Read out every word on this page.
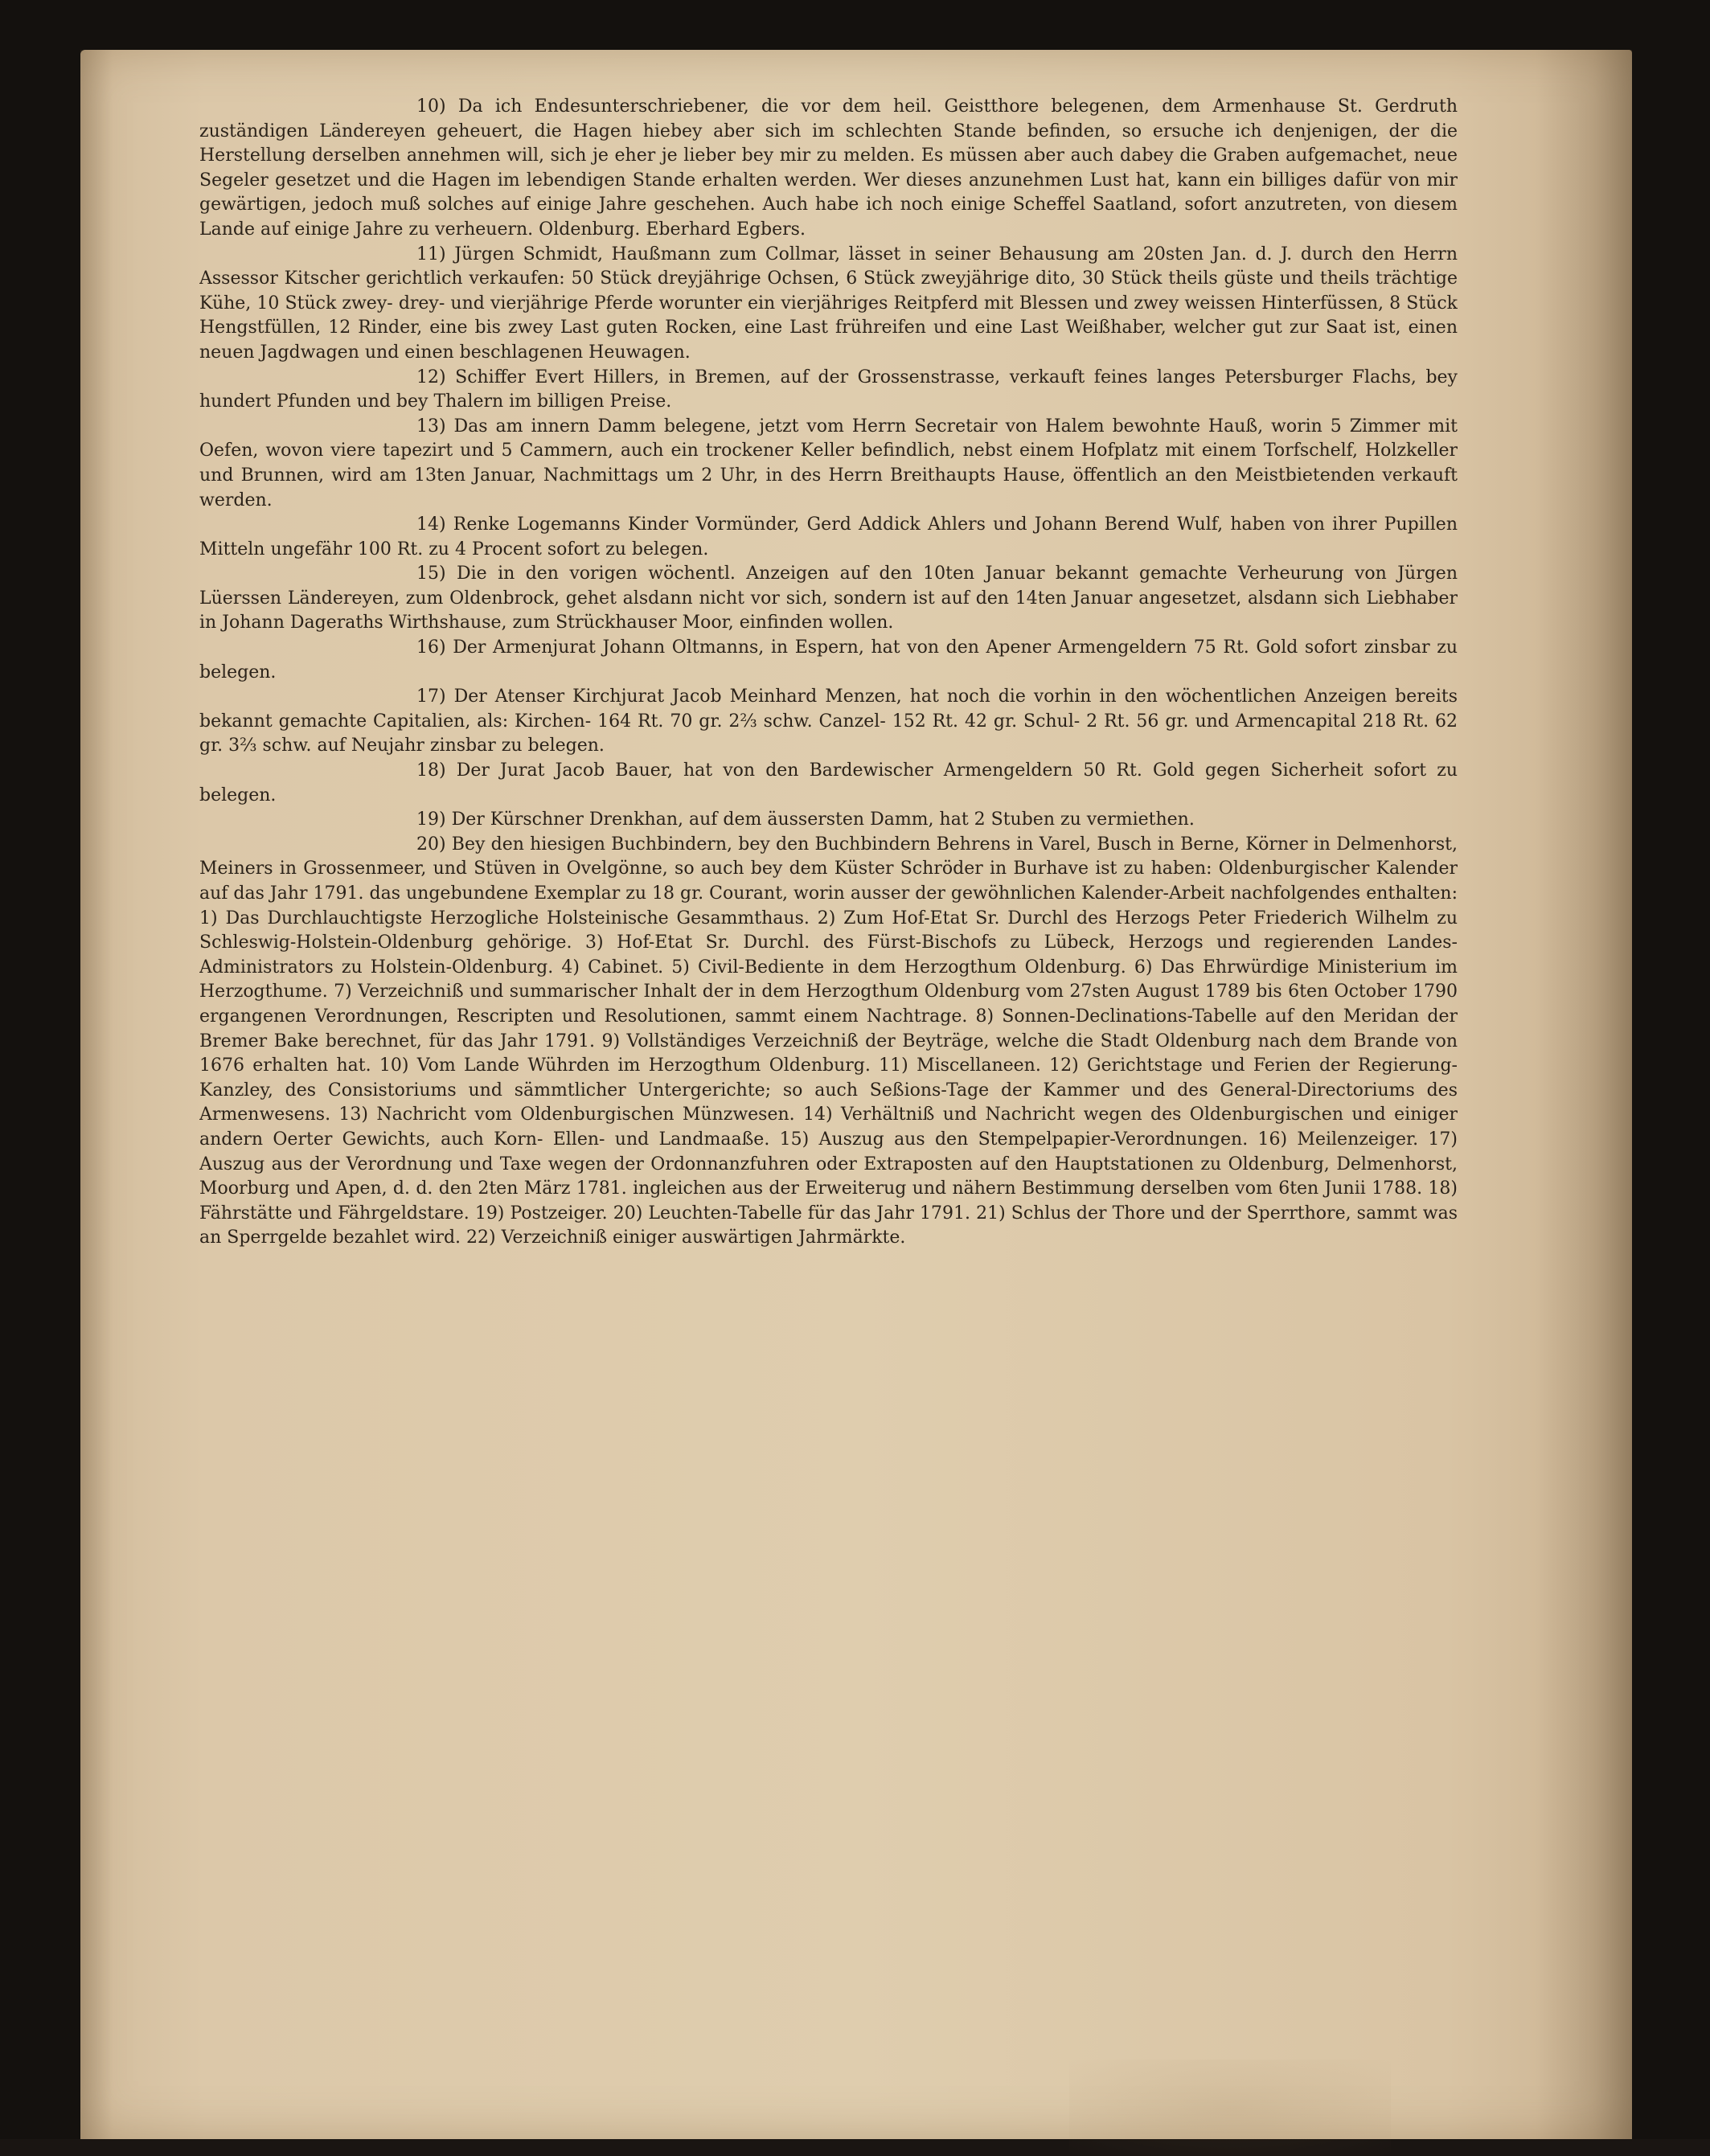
10) Da ich Endesunterschriebener, die vor dem heil. Geistthore belegenen, dem Armenhause St. Gerdruth zuständigen Ländereyen geheuert, die Hagen hiebey aber sich im schlechten Stande befinden, so ersuche ich denjenigen, der die Herstellung derselben annehmen will, sich je eher je lieber bey mir zu melden. Es müssen aber auch dabey die Graben aufgemachet, neue Segeler gesetzet und die Hagen im lebendigen Stande erhalten werden. Wer dieses anzunehmen Lust hat, kann ein billiges dafür von mir gewärtigen, jedoch muß solches auf einige Jahre geschehen. Auch habe ich noch einige Scheffel Saatland, sofort anzutreten, von diesem Lande auf einige Jahre zu verheuern. Oldenburg. Eberhard Egbers.

11) Jürgen Schmidt, Haußmann zum Collmar, lässet in seiner Behausung am 20sten Jan. d. J. durch den Herrn Assessor Kitscher gerichtlich verkaufen: 50 Stück dreyjährige Ochsen, 6 Stück zweyjährige dito, 30 Stück theils güste und theils trächtige Kühe, 10 Stück zwey- drey- und vierjährige Pferde worunter ein vierjähriges Reitpferd mit Blessen und zwey weissen Hinterfüssen, 8 Stück Hengstfüllen, 12 Rinder, eine bis zwey Last guten Rocken, eine Last frühreifen und eine Last Weißhaber, welcher gut zur Saat ist, einen neuen Jagdwagen und einen beschlagenen Heuwagen.

12) Schiffer Evert Hillers, in Bremen, auf der Grossenstrasse, verkauft feines langes Petersburger Flachs, bey hundert Pfunden und bey Thalern im billigen Preise.

13) Das am innern Damm belegene, jetzt vom Herrn Secretair von Halem bewohnte Hauß, worin 5 Zimmer mit Oefen, wovon viere tapezirt und 5 Cammern, auch ein trockener Keller befindlich, nebst einem Hofplatz mit einem Torfschelf, Holzkeller und Brunnen, wird am 13ten Januar, Nachmittags um 2 Uhr, in des Herrn Breithaupts Hause, öffentlich an den Meistbietenden verkauft werden.

14) Renke Logemanns Kinder Vormünder, Gerd Addick Ahlers und Johann Berend Wulf, haben von ihrer Pupillen Mitteln ungefähr 100 Rt. zu 4 Procent sofort zu belegen.

15) Die in den vorigen wöchentl. Anzeigen auf den 10ten Januar bekannt gemachte Verheurung von Jürgen Lüerssen Ländereyen, zum Oldenbrock, gehet alsdann nicht vor sich, sondern ist auf den 14ten Januar angesetzet, alsdann sich Liebhaber in Johann Dageraths Wirthshause, zum Strückhauser Moor, einfinden wollen.

16) Der Armenjurat Johann Oltmanns, in Espern, hat von den Apener Armengeldern 75 Rt. Gold sofort zinsbar zu belegen.

17) Der Atenser Kirchjurat Jacob Meinhard Menzen, hat noch die vorhin in den wöchentlichen Anzeigen bereits bekannt gemachte Capitalien, als: Kirchen- 164 Rt. 70 gr. 2⅔ schw. Canzel- 152 Rt. 42 gr. Schul- 2 Rt. 56 gr. und Armencapital 218 Rt. 62 gr. 3⅔ schw. auf Neujahr zinsbar zu belegen.

18) Der Jurat Jacob Bauer, hat von den Bardewischer Armengeldern 50 Rt. Gold gegen Sicherheit sofort zu belegen.

19) Der Kürschner Drenkhan, auf dem äussersten Damm, hat 2 Stuben zu vermiethen.

20) Bey den hiesigen Buchbindern, bey den Buchbindern Behrens in Varel, Busch in Berne, Körner in Delmenhorst, Meiners in Grossenmeer, und Stüven in Ovelgönne, so auch bey dem Küster Schröder in Burhave ist zu haben: Oldenburgischer Kalender auf das Jahr 1791. das ungebundene Exemplar zu 18 gr. Courant, worin ausser der gewöhnlichen Kalender-Arbeit nachfolgendes enthalten: 1) Das Durchlauchtigste Herzogliche Holsteinische Gesammthaus. 2) Zum Hof-Etat Sr. Durchl des Herzogs Peter Friederich Wilhelm zu Schleswig-Holstein-Oldenburg gehörige. 3) Hof-Etat Sr. Durchl. des Fürst-Bischofs zu Lübeck, Herzogs und regierenden Landes-Administrators zu Holstein-Oldenburg. 4) Cabinet. 5) Civil-Bediente in dem Herzogthum Oldenburg. 6) Das Ehrwürdige Ministerium im Herzogthume. 7) Verzeichniß und summarischer Inhalt der in dem Herzogthum Oldenburg vom 27sten August 1789 bis 6ten October 1790 ergangenen Verordnungen, Rescripten und Resolutionen, sammt einem Nachtrage. 8) Sonnen-Declinations-Tabelle auf den Meridan der Bremer Bake berechnet, für das Jahr 1791. 9) Vollständiges Verzeichniß der Beyträge, welche die Stadt Oldenburg nach dem Brande von 1676 erhalten hat. 10) Vom Lande Wührden im Herzogthum Oldenburg. 11) Miscellaneen. 12) Gerichtstage und Ferien der Regierung-Kanzley, des Consistoriums und sämmtlicher Untergerichte; so auch Seßions-Tage der Kammer und des General-Directoriums des Armenwesens. 13) Nachricht vom Oldenburgischen Münzwesen. 14) Verhältniß und Nachricht wegen des Oldenburgischen und einiger andern Oerter Gewichts, auch Korn- Ellen- und Landmaaße. 15) Auszug aus den Stempelpapier-Verordnungen. 16) Meilenzeiger. 17) Auszug aus der Verordnung und Taxe wegen der Ordonnanzfuhren oder Extraposten auf den Hauptstationen zu Oldenburg, Delmenhorst, Moorburg und Apen, d. d. den 2ten März 1781. ingleichen aus der Erweiterug und nähern Bestimmung derselben vom 6ten Junii 1788. 18) Fährstätte und Fährgeldstare. 19) Postzeiger. 20) Leuchten-Tabelle für das Jahr 1791. 21) Schlus der Thore und der Sperrthore, sammt was an Sperrgelde bezahlet wird. 22) Verzeichniß einiger auswärtigen Jahrmärkte.
